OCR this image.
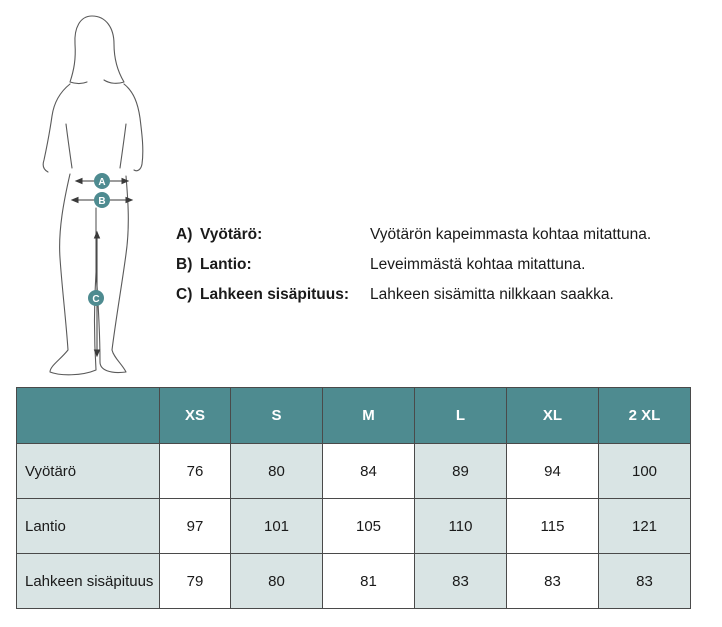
A
B
C
A) Vyötärö:	Vyötärön kapeimmasta kohtaa mitattuna.
B) Lantio:	Leveimmästä kohtaa mitattuna.
C) Lahkeen sisäpituus: Lahkeen sisämitta nilkkaan saakka.
	XS	S	M	L	XL	2 XL
Vyötärö	76	80	84	89	94	100
Lantio	97	101	105	110	115	121
Lahkeen sisäpituus	79	80	81	83	83	83
